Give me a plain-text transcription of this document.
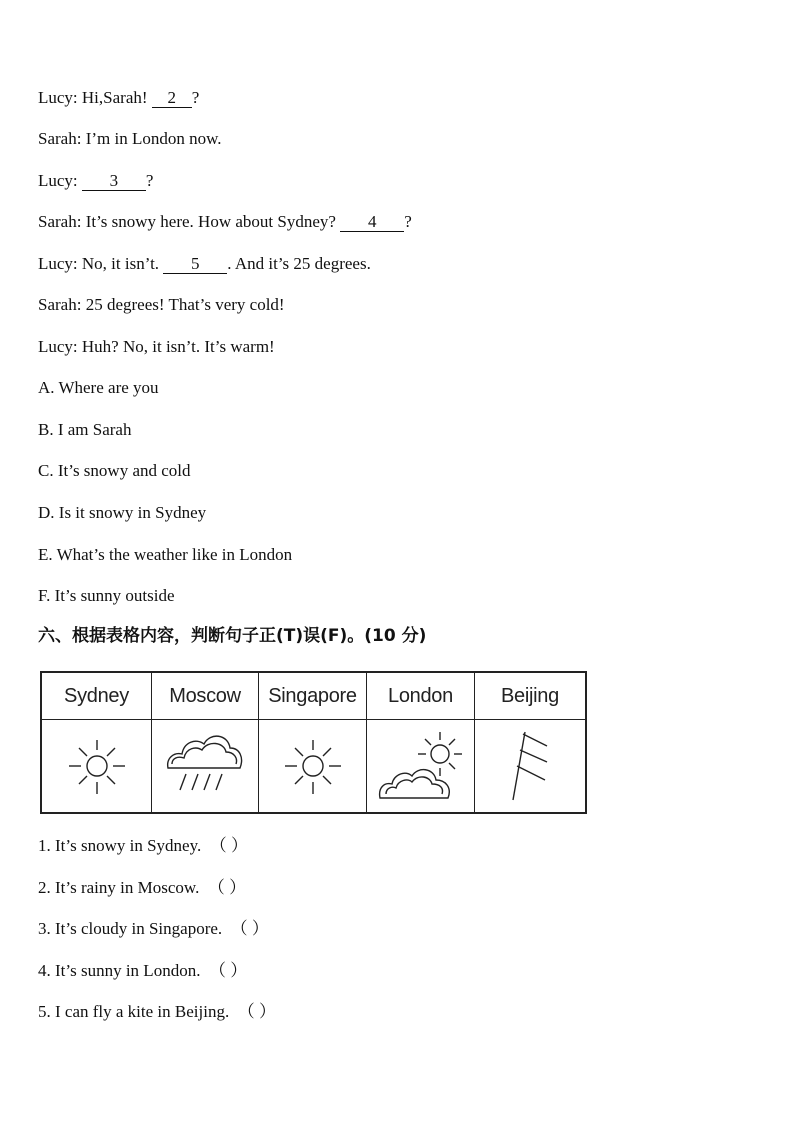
Lucy: Hi,Sarah! 2 ?
Sarah: I’m in London now.
Lucy: 3 ?
Sarah: It’s snowy here. How about Sydney? 4 ?
Lucy: No, it isn’t. 5 . And it’s 25 degrees.
Sarah: 25 degrees! That’s very cold!
Lucy: Huh? No, it isn’t. It’s warm!
A. Where are you
B. I am Sarah
C. It’s snowy and cold
D. Is it snowy in Sydney
E. What’s the weather like in London
F. It’s sunny outside
六、根据表格内容，判断句子正(T)误(F)。(10 分)
Sydney	Moscow	Singapore	London	Beijing

1. It’s snowy in Sydney. （ ）
2. It’s rainy in Moscow. （ ）
3. It’s cloudy in Singapore. （ ）
4. It’s sunny in London. （ ）
5. I can fly a kite in Beijing. （ ）
